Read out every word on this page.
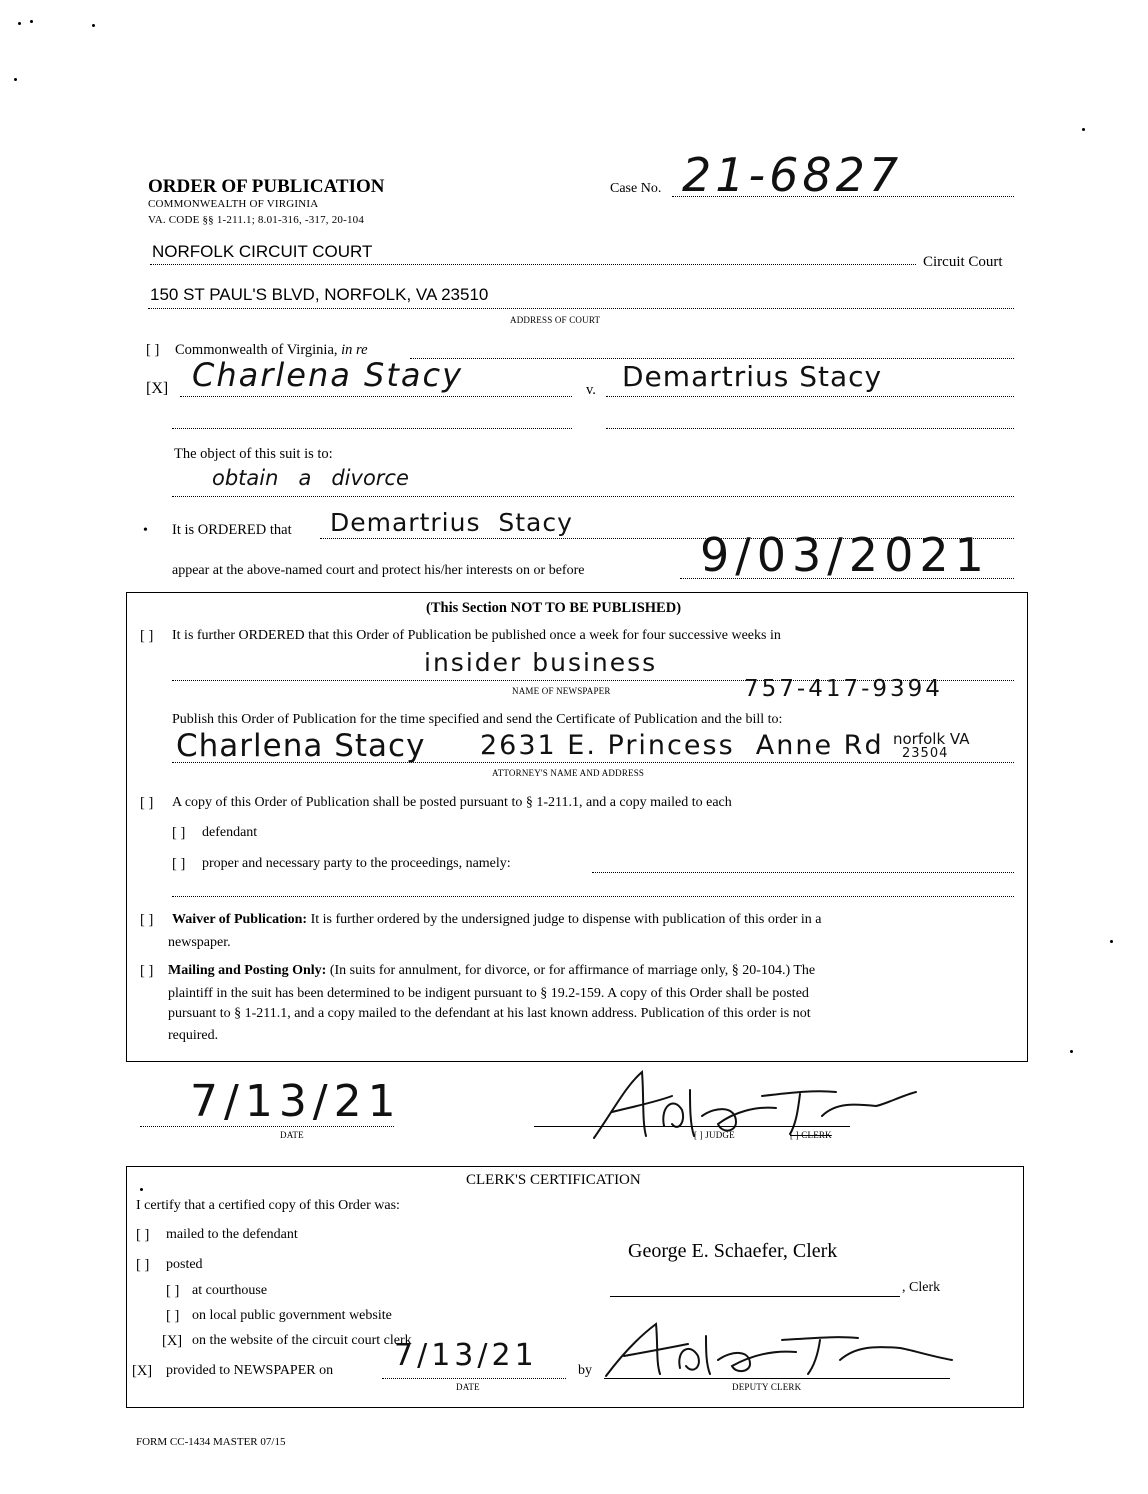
ORDER OF PUBLICATION
COMMONWEALTH OF VIRGINIA
VA. CODE §§ 1-211.1; 8.01-316, -317, 20-104
Case No. 21-6827
NORFOLK CIRCUIT COURT
Circuit Court
150 ST PAUL'S BLVD, NORFOLK, VA 23510
ADDRESS OF COURT
[ ] Commonwealth of Virginia, in re
[X] Charlena Stacy	v. Demartrius Stacy
The object of this suit is to:
obtain   a   divorce
• It is ORDERED that Demartrius  Stacy
appear at the above-named court and protect his/her interests on or before	9/03/2021
(This Section NOT TO BE PUBLISHED)
[ ] It is further ORDERED that this Order of Publication be published once a week for four successive weeks in
insider business
NAME OF NEWSPAPER	757-417-9394
Publish this Order of Publication for the time specified and send the Certificate of Publication and the bill to:
Charlena Stacy 2631 E. Princess  Anne Rd norfolk VA
23504
ATTORNEY'S NAME AND ADDRESS
[ ] A copy of this Order of Publication shall be posted pursuant to § 1-211.1, and a copy mailed to each
[ ] defendant
[ ] proper and necessary party to the proceedings, namely:
[ ] Waiver of Publication: It is further ordered by the undersigned judge to dispense with publication of this order in a
newspaper.
[ ] Mailing and Posting Only: (In suits for annulment, for divorce, or for affirmance of marriage only, § 20-104.) The
plaintiff in the suit has been determined to be indigent pursuant to § 19.2-159. A copy of this Order shall be posted
pursuant to § 1-211.1, and a copy mailed to the defendant at his last known address. Publication of this order is not
required.
7/13/21
DATE	[ ] JUDGE	[ ] CLERK
CLERK'S CERTIFICATION
I certify that a certified copy of this Order was:
[ ] mailed to the defendant
[ ] posted
[ ] at courthouse
[ ] on local public government website
[X] on the website of the circuit court clerk
[X] provided to NEWSPAPER on 7/13/21
DATE
by
DEPUTY CLERK
George E. Schaefer, Clerk
, Clerk
FORM CC-1434 MASTER 07/15
